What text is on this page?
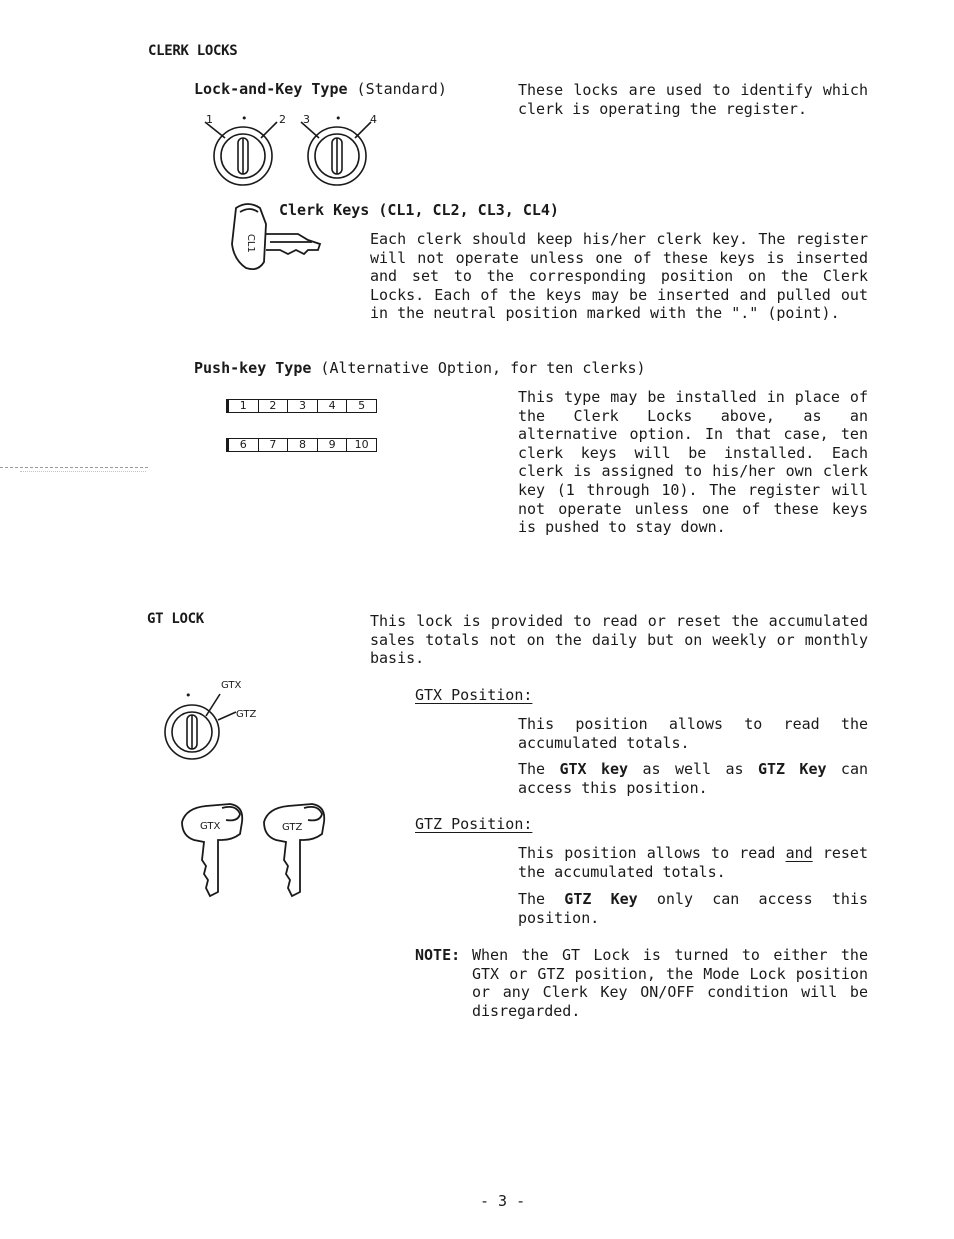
CLERK LOCKS
Lock-and-Key Type (Standard)	These locks are used to identify which clerk is operating the register.

1	•	2 3 •	4
CL1
Clerk Keys (CL1, CL2, CL3, CL4)

Each clerk should keep his/her clerk key. The register will not operate unless one of these keys is inserted and set to the corresponding position on the Clerk Locks. Each of the keys may be inserted and pulled out in the neutral position marked with the "." (point).

Push-key Type (Alternative Option, for ten clerks)
1	2	3	4	5
6	7	8	9	10

This type may be installed in place of the Clerk Locks above, as an alternative option. In that case, ten clerk keys will be installed. Each clerk is assigned to his/her own clerk key (1 through 10). The register will not operate unless one of these keys is pushed to stay down.

GT LOCK	This lock is provided to read or reset the accumulated sales totals not on the daily but on weekly or monthly basis.

•
GTX
GTZ
GTX	GTZ
GTX Position:

This position allows to read the accumulated totals.

The GTX key as well as GTZ Key can access this position.

GTZ Position:

This position allows to read and reset the accumulated totals.

The GTZ Key only can access this position.

NOTE: When the GT Lock is turned to either the GTX or GTZ position, the Mode Lock position or any Clerk Key ON/OFF condition will be disregarded.

- 3 -
